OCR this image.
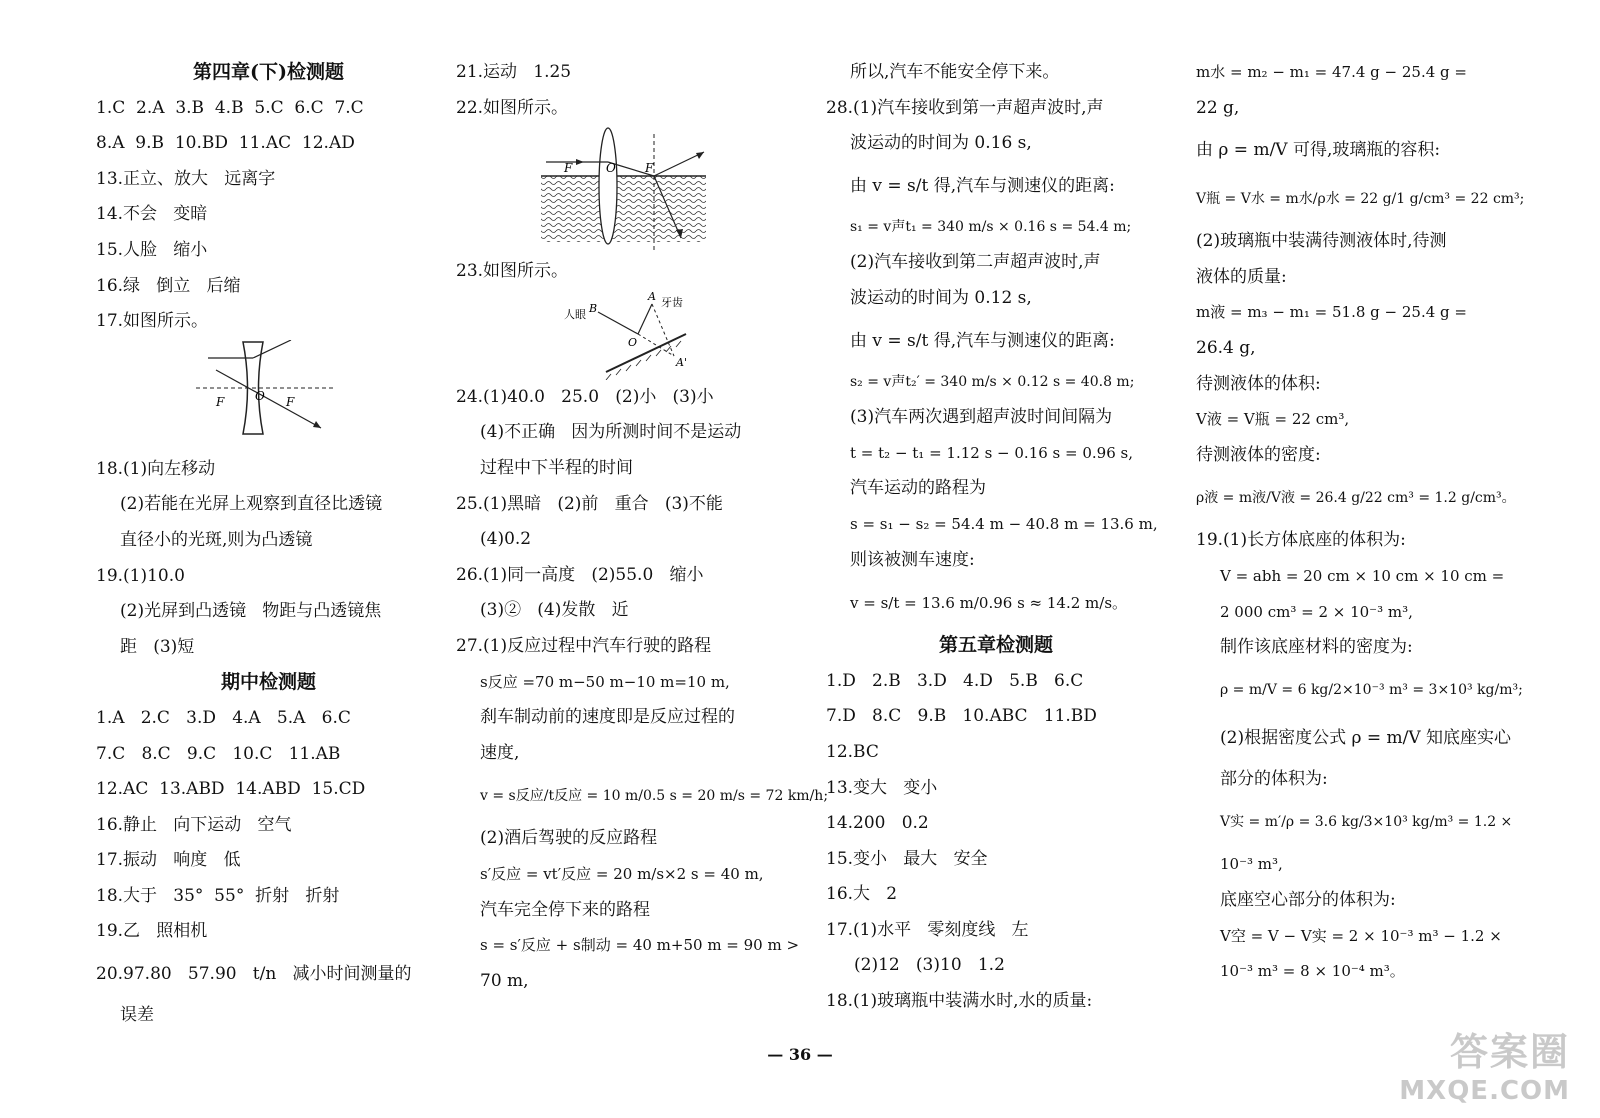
第四章(下)检测题
1.C  2.A  3.B  4.B  5.C  6.C  7.C
8.A  9.B  10.BD  11.AC  12.AD
13.正立、放大   远离字
14.不会   变暗
15.人脸   缩小
16.绿   倒立   后缩
17.如图所示。
F	O F
18.(1)向左移动
(2)若能在光屏上观察到直径比透镜
直径小的光斑,则为凸透镜
19.(1)10.0
(2)光屏到凸透镜   物距与凸透镜焦
距   (3)短
期中检测题
1.A   2.C   3.D   4.A   5.A   6.C
7.C   8.C   9.C   10.C   11.AB
12.AC  13.ABD  14.ABD  15.CD
16.静止   向下运动   空气
17.振动   响度   低
18.大于   35°  55°  折射   折射
19.乙   照相机
20.97.80   57.90   t/n   减小时间测量的
误差
21.运动   1.25
22.如图所示。
F	O F
23.如图所示。
人眼 B
A 牙齿
O
A'
24.(1)40.0   25.0   (2)小   (3)小
(4)不正确   因为所测时间不是运动
过程中下半程的时间
25.(1)黑暗   (2)前   重合   (3)不能
(4)0.2
26.(1)同一高度   (2)55.0   缩小
(3)②   (4)发散   近
27.(1)反应过程中汽车行驶的路程
s反应 =70 m−50 m−10 m=10 m,
刹车制动前的速度即是反应过程的
速度,
v = s反应/t反应 = 10 m/0.5 s = 20 m/s = 72 km/h;
(2)酒后驾驶的反应路程
s′反应 = vt′反应 = 20 m/s×2 s = 40 m,
汽车完全停下来的路程
s = s′反应 + s制动 = 40 m+50 m = 90 m >
70 m,
所以,汽车不能安全停下来。
28.(1)汽车接收到第一声超声波时,声
波运动的时间为 0.16 s,
由 v = s/t 得,汽车与测速仪的距离:
s₁ = v声t₁ = 340 m/s × 0.16 s = 54.4 m;
(2)汽车接收到第二声超声波时,声
波运动的时间为 0.12 s,
由 v = s/t 得,汽车与测速仪的距离:
s₂ = v声t₂′ = 340 m/s × 0.12 s = 40.8 m;
(3)汽车两次遇到超声波时间间隔为
t = t₂ − t₁ = 1.12 s − 0.16 s = 0.96 s,
汽车运动的路程为
s = s₁ − s₂ = 54.4 m − 40.8 m = 13.6 m,
则该被测车速度:
v = s/t = 13.6 m/0.96 s ≈ 14.2 m/s。
第五章检测题
1.D   2.B   3.D   4.D   5.B   6.C
7.D   8.C   9.B   10.ABC   11.BD
12.BC
13.变大   变小
14.200   0.2
15.变小   最大   安全
16.大   2
17.(1)水平   零刻度线   左
(2)12   (3)10   1.2
18.(1)玻璃瓶中装满水时,水的质量:
m水 = m₂ − m₁ = 47.4 g − 25.4 g =
22 g,
由 ρ = m/V 可得,玻璃瓶的容积:
V瓶 = V水 = m水/ρ水 = 22 g/1 g/cm³ = 22 cm³;
(2)玻璃瓶中装满待测液体时,待测
液体的质量:
m液 = m₃ − m₁ = 51.8 g − 25.4 g =
26.4 g,
待测液体的体积:
V液 = V瓶 = 22 cm³,
待测液体的密度:
ρ液 = m液/V液 = 26.4 g/22 cm³ = 1.2 g/cm³。
19.(1)长方体底座的体积为:
V = abh = 20 cm × 10 cm × 10 cm =
2 000 cm³ = 2 × 10⁻³ m³,
制作该底座材料的密度为:
ρ = m/V = 6 kg/2×10⁻³ m³ = 3×10³ kg/m³;
(2)根据密度公式 ρ = m/V 知底座实心
部分的体积为:
V实 = m′/ρ = 3.6 kg/3×10³ kg/m³ = 1.2 ×
10⁻³ m³,
底座空心部分的体积为:
V空 = V − V实 = 2 × 10⁻³ m³ − 1.2 ×
10⁻³ m³ = 8 × 10⁻⁴ m³。
— 36 —	答案圈
MXQE.COM
